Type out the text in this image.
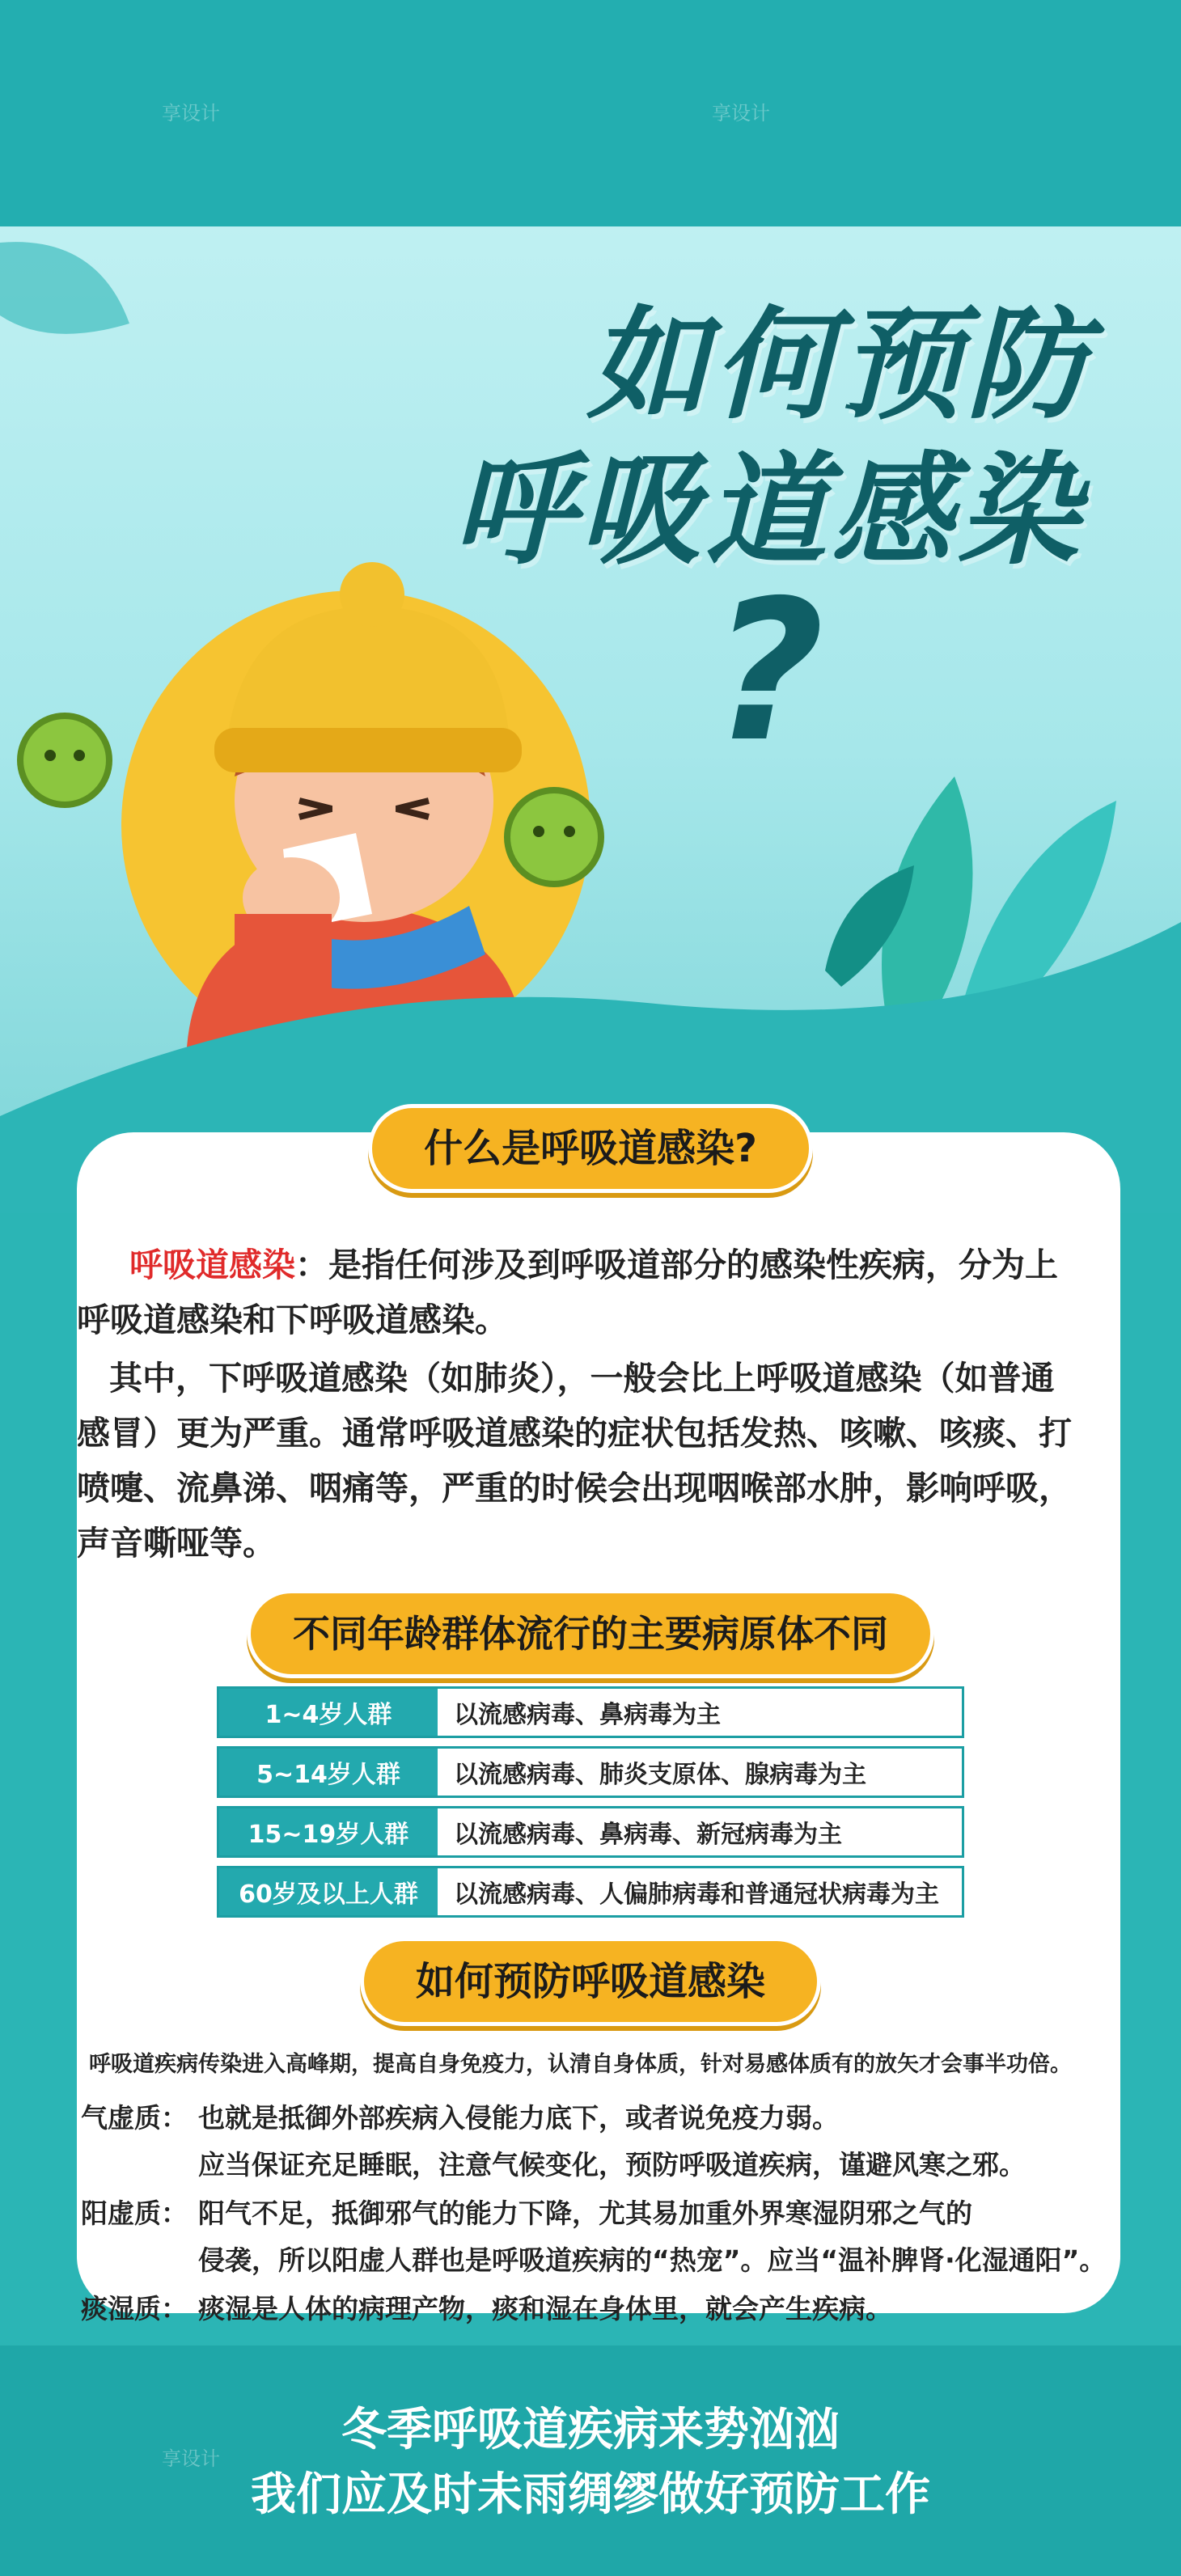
如何预防
呼吸道感染
?
什么是呼吸道感染?
呼吸道感染：是指任何涉及到呼吸道部分的感染性疾病，分为上呼吸道感染和下呼吸道感染。
其中，下呼吸道感染（如肺炎），一般会比上呼吸道感染（如普通感冒）更为严重。通常呼吸道感染的症状包括发热、咳嗽、咳痰、打喷嚏、流鼻涕、咽痛等，严重的时候会出现咽喉部水肿，影响呼吸，声音嘶哑等。
不同年龄群体流行的主要病原体不同
1~4岁人群	以流感病毒、鼻病毒为主
5~14岁人群	以流感病毒、肺炎支原体、腺病毒为主
15~19岁人群	以流感病毒、鼻病毒、新冠病毒为主
60岁及以上人群	以流感病毒、人偏肺病毒和普通冠状病毒为主
如何预防呼吸道感染
呼吸道疾病传染进入高峰期，提高自身免疫力，认清自身体质，针对易感体质有的放矢才会事半功倍。
气虚质： 也就是抵御外部疾病入侵能力底下，或者说免疫力弱。
应当保证充足睡眠，注意气候变化，预防呼吸道疾病，谨避风寒之邪。
阳虚质： 阳气不足，抵御邪气的能力下降，尤其易加重外界寒湿阴邪之气的
侵袭，所以阳虚人群也是呼吸道疾病的“热宠”。应当“温补脾肾·化湿通阳”。
痰湿质： 痰湿是人体的病理产物，痰和湿在身体里，就会产生疾病。
冬季呼吸道疾病来势汹汹
我们应及时未雨绸缪做好预防工作
享设计	享设计
享设计
